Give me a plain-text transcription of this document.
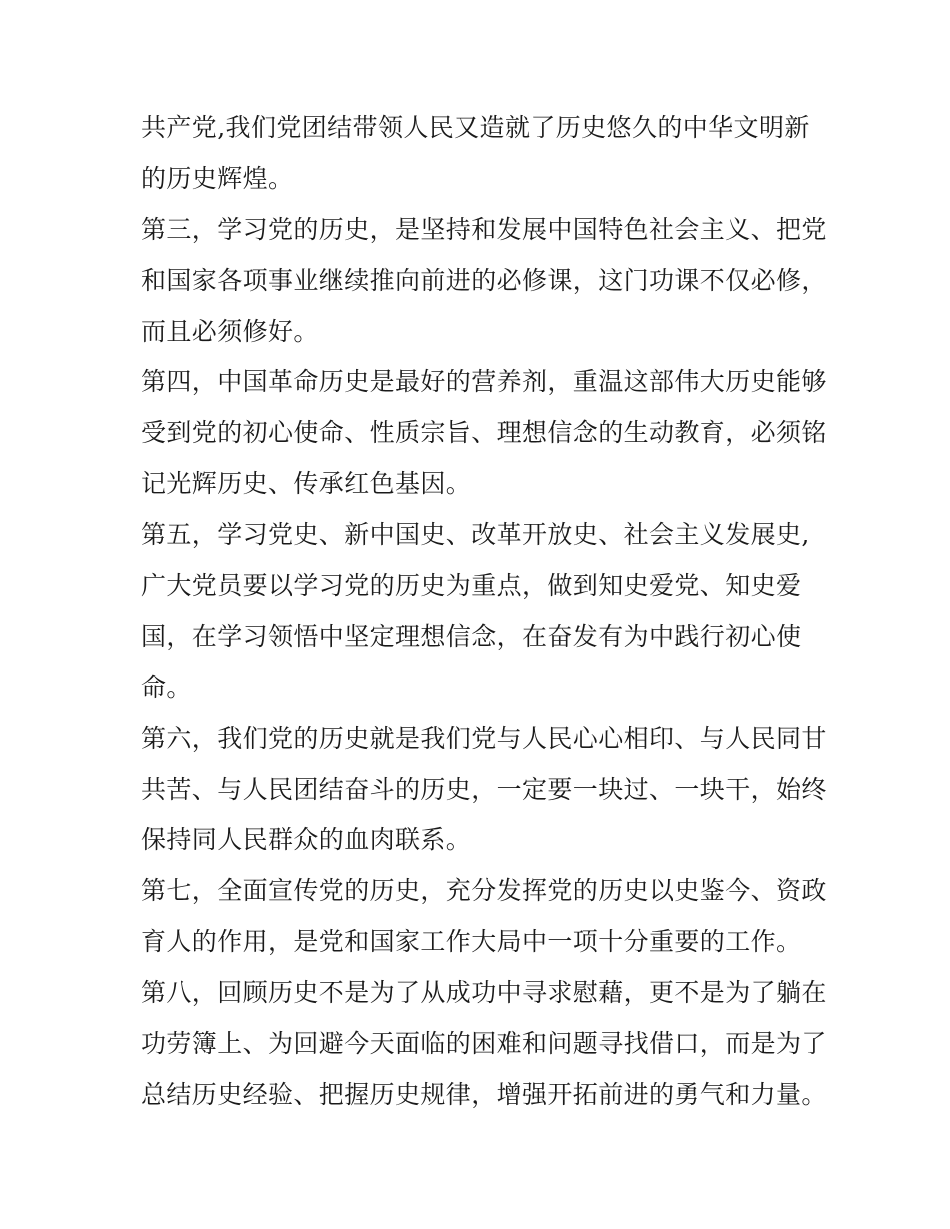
共产党,我们党团结带领人民又造就了历史悠久的中华文明新
的历史辉煌。

第三，学习党的历史，是坚持和发展中国特色社会主义、把党
和国家各项事业继续推向前进的必修课，这门功课不仅必修，
而且必须修好。

第四，中国革命历史是最好的营养剂，重温这部伟大历史能够
受到党的初心使命、性质宗旨、理想信念的生动教育，必须铭
记光辉历史、传承红色基因。

第五，学习党史、新中国史、改革开放史、社会主义发展史,
广大党员要以学习党的历史为重点，做到知史爱党、知史爱
国，在学习领悟中坚定理想信念，在奋发有为中践行初心使
命。

第六，我们党的历史就是我们党与人民心心相印、与人民同甘
共苦、与人民团结奋斗的历史，一定要一块过、一块干，始终
保持同人民群众的血肉联系。

第七，全面宣传党的历史，充分发挥党的历史以史鉴今、资政
育人的作用，是党和国家工作大局中一项十分重要的工作。

第八，回顾历史不是为了从成功中寻求慰藉，更不是为了躺在
功劳簿上、为回避今天面临的困难和问题寻找借口，而是为了
总结历史经验、把握历史规律，增强开拓前进的勇气和力量。
